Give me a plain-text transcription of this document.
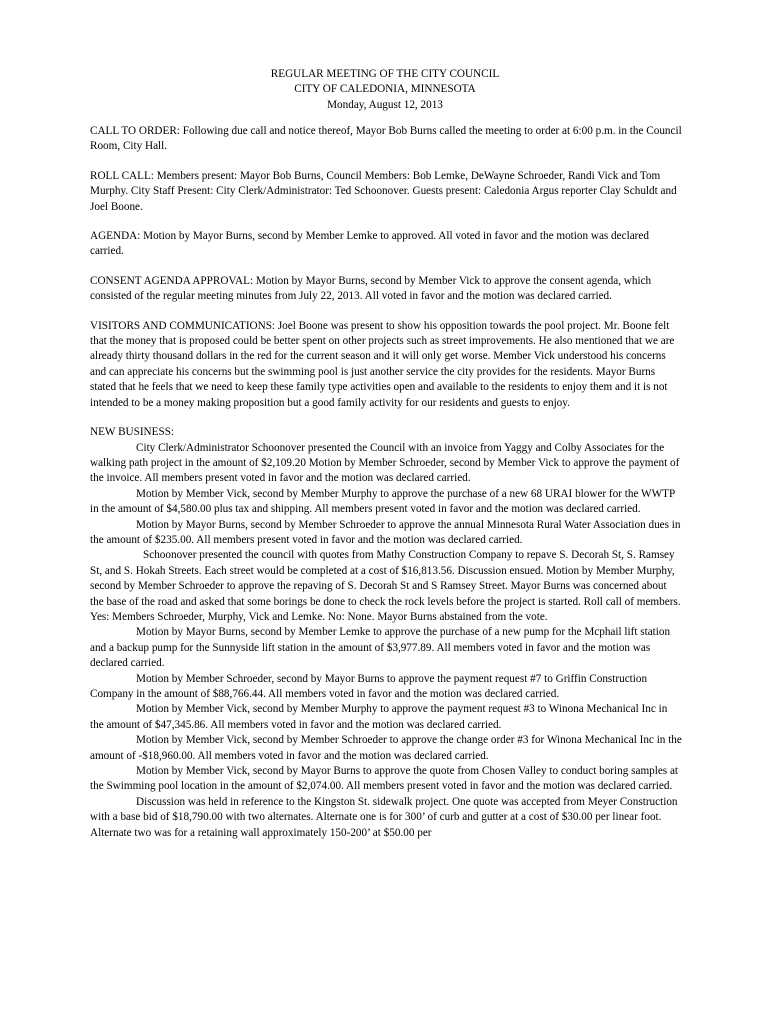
REGULAR MEETING OF THE CITY COUNCIL
CITY OF CALEDONIA, MINNESOTA
Monday, August 12, 2013

CALL TO ORDER: Following due call and notice thereof, Mayor Bob Burns called the meeting to order at 6:00 p.m. in the Council Room, City Hall.

ROLL CALL: Members present: Mayor Bob Burns, Council Members: Bob Lemke, DeWayne Schroeder, Randi Vick and Tom Murphy. City Staff Present: City Clerk/Administrator: Ted Schoonover. Guests present: Caledonia Argus reporter Clay Schuldt and Joel Boone.

AGENDA: Motion by Mayor Burns, second by Member Lemke to approved. All voted in favor and the motion was declared carried.

CONSENT AGENDA APPROVAL: Motion by Mayor Burns, second by Member Vick to approve the consent agenda, which consisted of the regular meeting minutes from July 22, 2013. All voted in favor and the motion was declared carried.

VISITORS AND COMMUNICATIONS: Joel Boone was present to show his opposition towards the pool project. Mr. Boone felt that the money that is proposed could be better spent on other projects such as street improvements. He also mentioned that we are already thirty thousand dollars in the red for the current season and it will only get worse. Member Vick understood his concerns and can appreciate his concerns but the swimming pool is just another service the city provides for the residents. Mayor Burns stated that he feels that we need to keep these family type activities open and available to the residents to enjoy them and it is not intended to be a money making proposition but a good family activity for our residents and guests to enjoy.

NEW BUSINESS:

City Clerk/Administrator Schoonover presented the Council with an invoice from Yaggy and Colby Associates for the walking path project in the amount of $2,109.20 Motion by Member Schroeder, second by Member Vick to approve the payment of the invoice. All members present voted in favor and the motion was declared carried.

Motion by Member Vick, second by Member Murphy to approve the purchase of a new 68 URAI blower for the WWTP in the amount of $4,580.00 plus tax and shipping. All members present voted in favor and the motion was declared carried.

Motion by Mayor Burns, second by Member Schroeder to approve the annual Minnesota Rural Water Association dues in the amount of $235.00. All members present voted in favor and the motion was declared carried.

Schoonover presented the council with quotes from Mathy Construction Company to repave S. Decorah St, S. Ramsey St, and S. Hokah Streets. Each street would be completed at a cost of $16,813.56. Discussion ensued. Motion by Member Murphy, second by Member Schroeder to approve the repaving of S. Decorah St and S Ramsey Street. Mayor Burns was concerned about the base of the road and asked that some borings be done to check the rock levels before the project is started. Roll call of members. Yes: Members Schroeder, Murphy, Vick and Lemke. No: None. Mayor Burns abstained from the vote.

Motion by Mayor Burns, second by Member Lemke to approve the purchase of a new pump for the Mcphail lift station and a backup pump for the Sunnyside lift station in the amount of $3,977.89. All members voted in favor and the motion was declared carried.

Motion by Member Schroeder, second by Mayor Burns to approve the payment request #7 to Griffin Construction Company in the amount of $88,766.44. All members voted in favor and the motion was declared carried.

Motion by Member Vick, second by Member Murphy to approve the payment request #3 to Winona Mechanical Inc in the amount of $47,345.86. All members voted in favor and the motion was declared carried.

Motion by Member Vick, second by Member Schroeder to approve the change order #3 for Winona Mechanical Inc in the amount of -$18,960.00. All members voted in favor and the motion was declared carried.

Motion by Member Vick, second by Mayor Burns to approve the quote from Chosen Valley to conduct boring samples at the Swimming pool location in the amount of $2,074.00. All members present voted in favor and the motion was declared carried.

Discussion was held in reference to the Kingston St. sidewalk project. One quote was accepted from Meyer Construction with a base bid of $18,790.00 with two alternates. Alternate one is for 300’ of curb and gutter at a cost of $30.00 per linear foot. Alternate two was for a retaining wall approximately 150-200’ at $50.00 per
